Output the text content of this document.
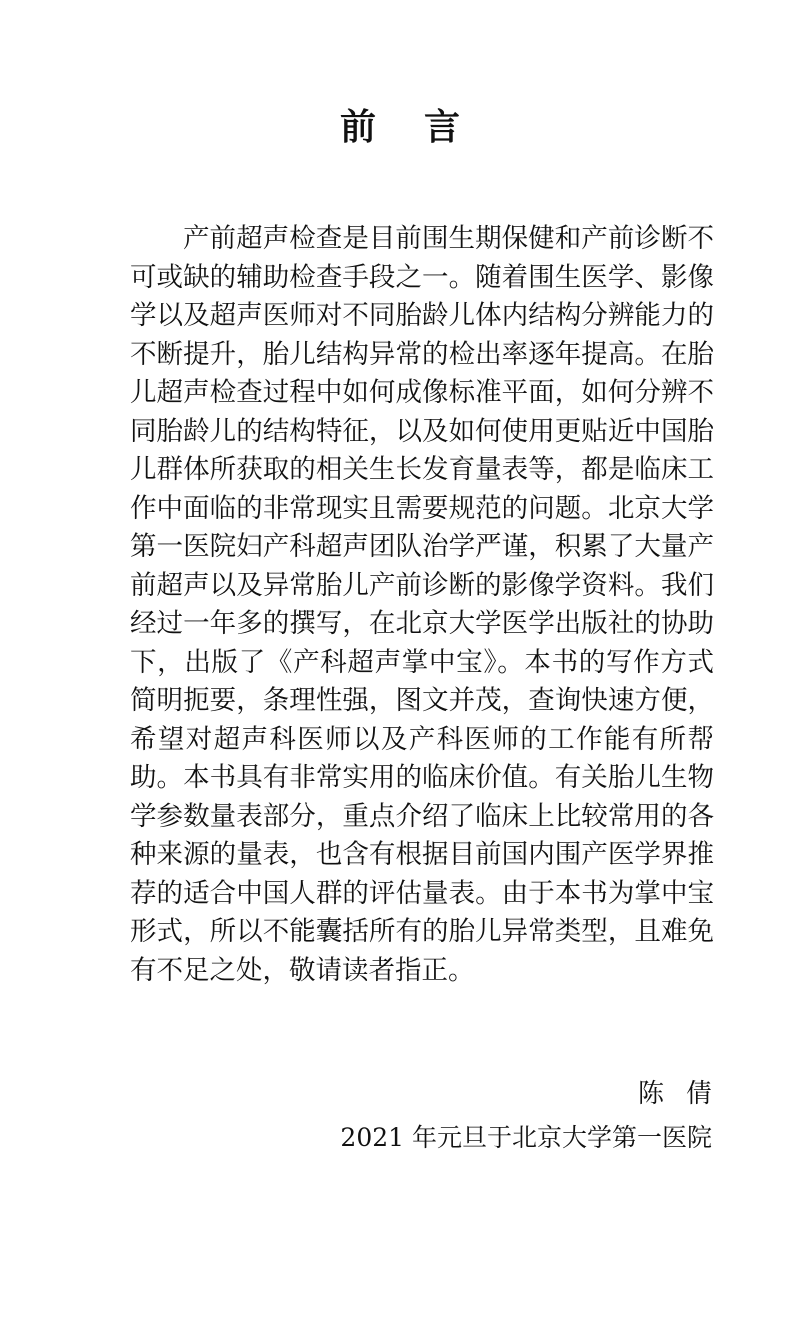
前言

产前超声检查是目前围生期保健和产前诊断不可或缺的辅助检查手段之一。随着围生医学、影像学以及超声医师对不同胎龄儿体内结构分辨能力的不断提升，胎儿结构异常的检出率逐年提高。在胎儿超声检查过程中如何成像标准平面，如何分辨不同胎龄儿的结构特征，以及如何使用更贴近中国胎儿群体所获取的相关生长发育量表等，都是临床工作中面临的非常现实且需要规范的问题。北京大学第一医院妇产科超声团队治学严谨，积累了大量产前超声以及异常胎儿产前诊断的影像学资料。我们经过一年多的撰写，在北京大学医学出版社的协助下，出版了《产科超声掌中宝》。本书的写作方式简明扼要，条理性强，图文并茂，查询快速方便，希望对超声科医师以及产科医师的工作能有所帮助。本书具有非常实用的临床价值。有关胎儿生物学参数量表部分，重点介绍了临床上比较常用的各种来源的量表，也含有根据目前国内围产医学界推荐的适合中国人群的评估量表。由于本书为掌中宝形式，所以不能囊括所有的胎儿异常类型，且难免有不足之处，敬请读者指正。

陈倩
2021 年元旦于北京大学第一医院
